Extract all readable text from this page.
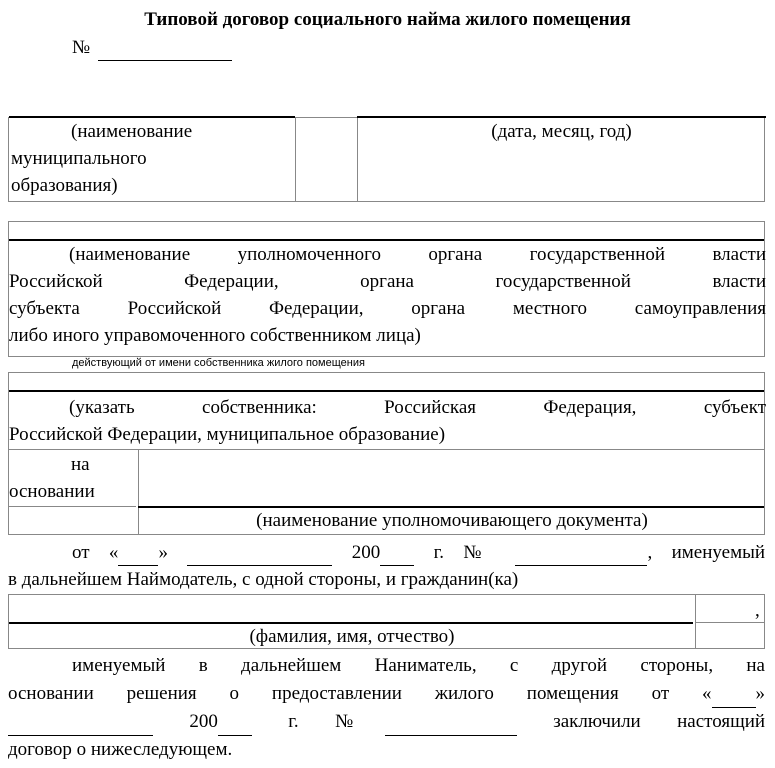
Типовой договор социального найма жилого помещения
№
(наименование
муниципального
образования)
(дата, месяц, год)
(наименование уполномоченного органа государственной власти
Российской Федерации, органа государственной власти
субъекта Российской Федерации, органа местного самоуправления
либо иного управомоченного собственником лица)
действующий от имени собственника жилого помещения
(указать собственника: Российская Федерация, субъект
Российской Федерации, муниципальное образование)
на
основании
(наименование уполномочивающего документа)
от « »	200	г. №	, именуемый
в дальнейшем Наймодатель, с одной стороны, и гражданин(ка)
,
(фамилия, имя, отчество)
именуемый в дальнейшем Наниматель, с другой стороны, на
основании решения о предоставлении жилого помещения от « »
200	г. №	заключили настоящий
договор о нижеследующем.
